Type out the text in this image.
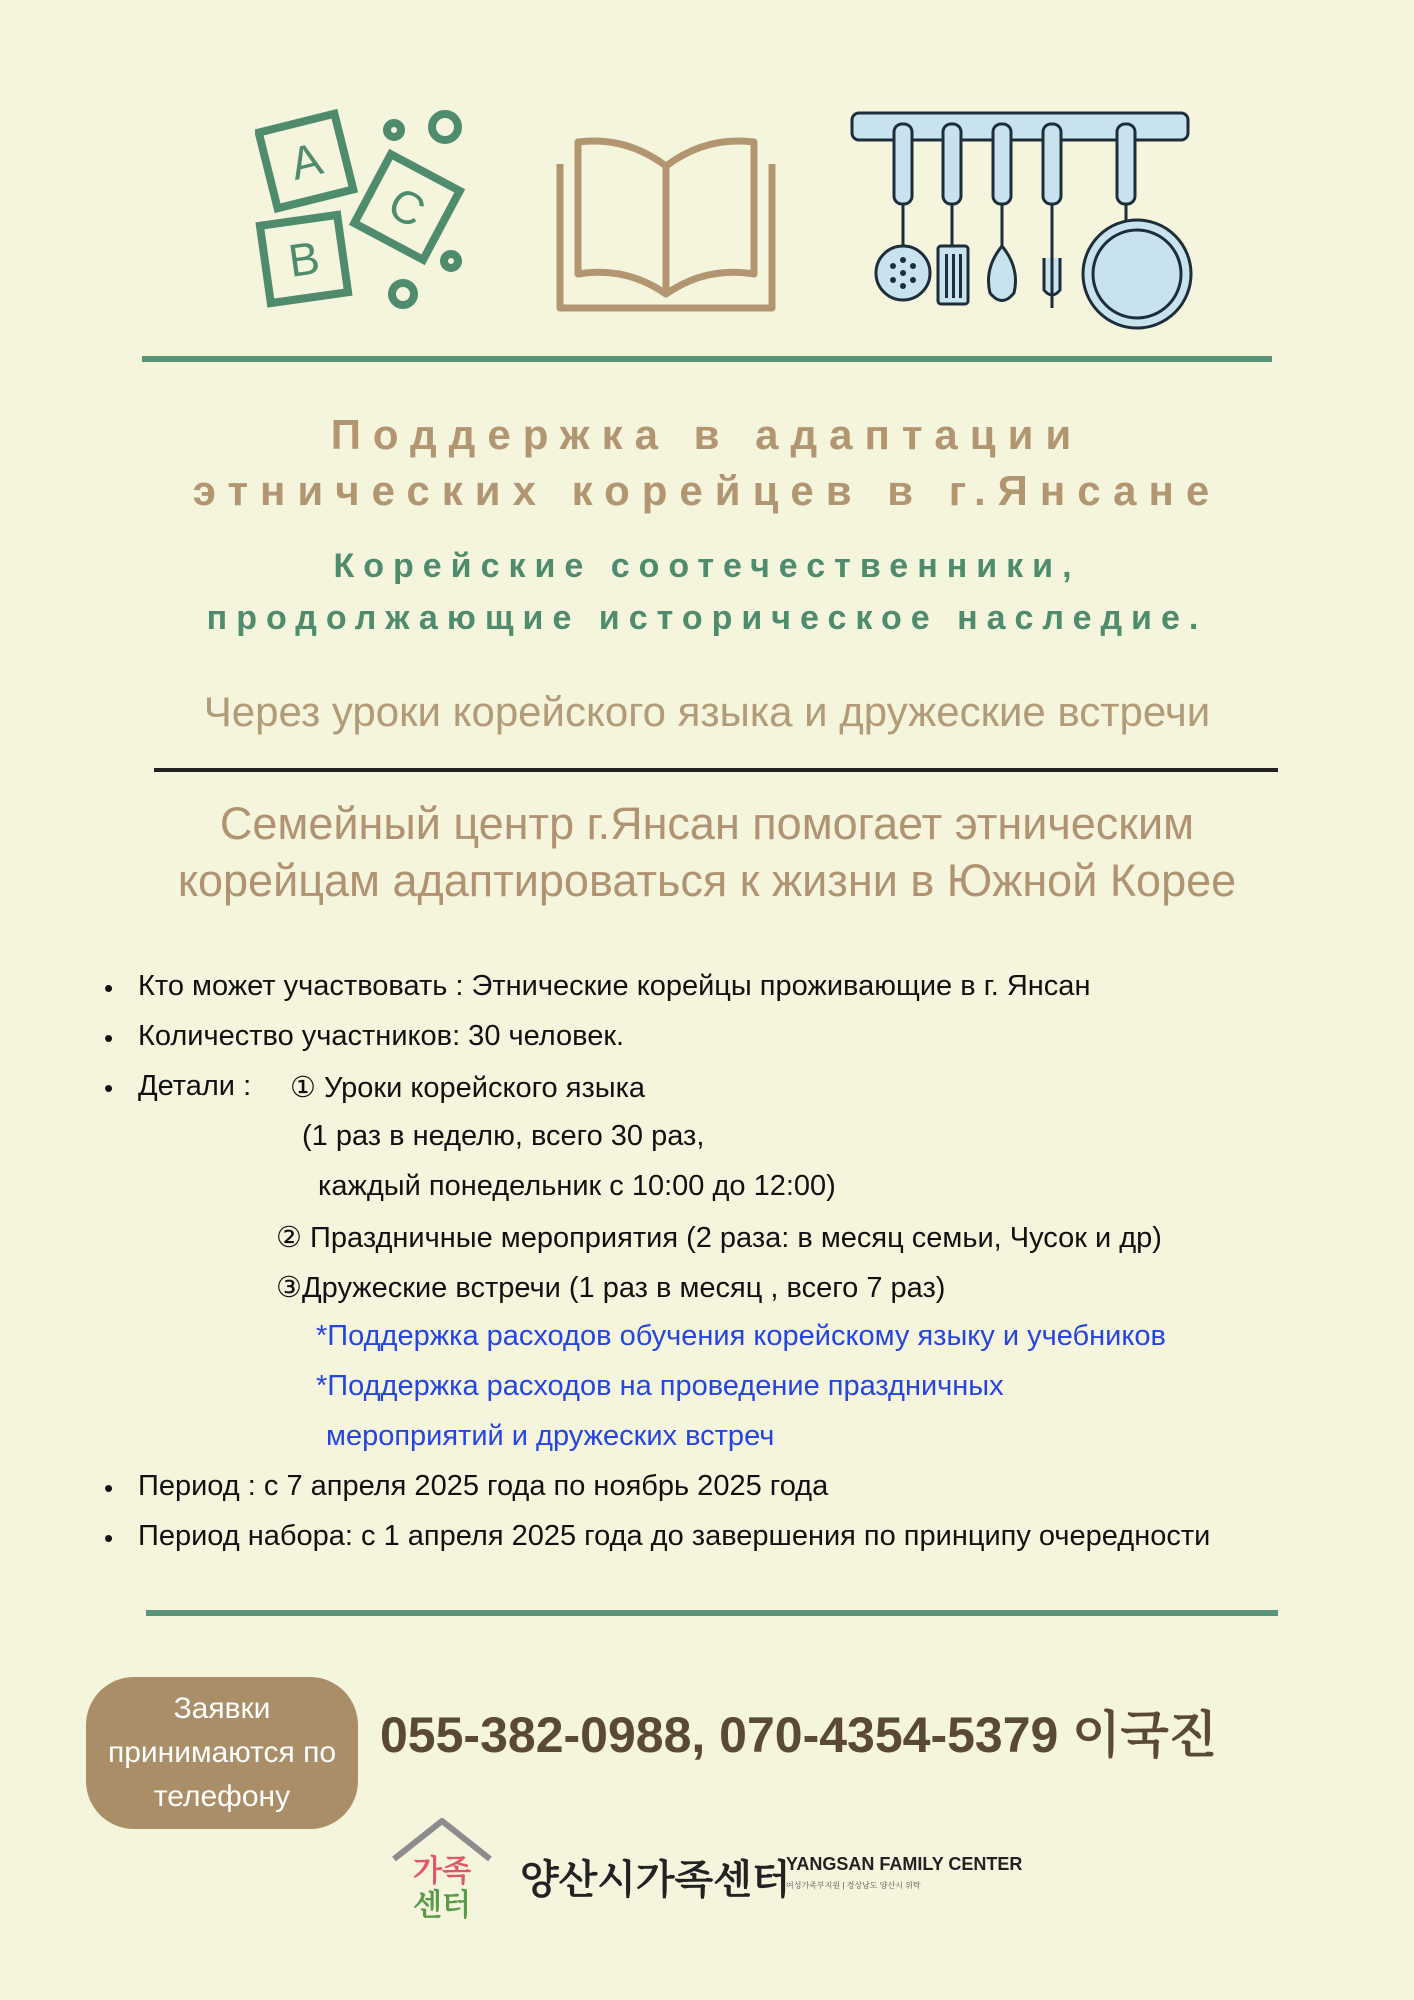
A
B
C
Поддержка в адаптации
этнических корейцев в г.Янсане
Корейские соотечественники,
продолжающие историческое наследие.
Через уроки корейского языка и дружеские встречи
Семейный центр г.Янсан помогает этническим
корейцам адаптироваться к жизни в Южной Корее
• Кто может участвовать : Этнические корейцы проживающие в г. Янсан
• Количество участников: 30 человек.
• Детали : ① Уроки корейского языка
(1 раз в неделю, всего 30 раз,
каждый понедельник с 10:00 до 12:00)
② Праздничные мероприятия (2 раза: в месяц семьи, Чусок и др)
③Дружеские встречи (1 раз в месяц , всего 7 раз)
*Поддержка расходов обучения корейскому языку и учебников
*Поддержка расходов на проведение праздничных
мероприятий и дружеских встреч
• Период : с 7 апреля 2025 года по ноябрь 2025 года
• Период набора: с 1 апреля 2025 года до завершения по принципу очередности
Заявки принимаются по телефону
055-382-0988, 070-4354-5379 이국진
가족
센터
양산시가족센터
YANGSAN FAMILY CENTER
여성가족부지원 | 경상남도 양산시 위탁
